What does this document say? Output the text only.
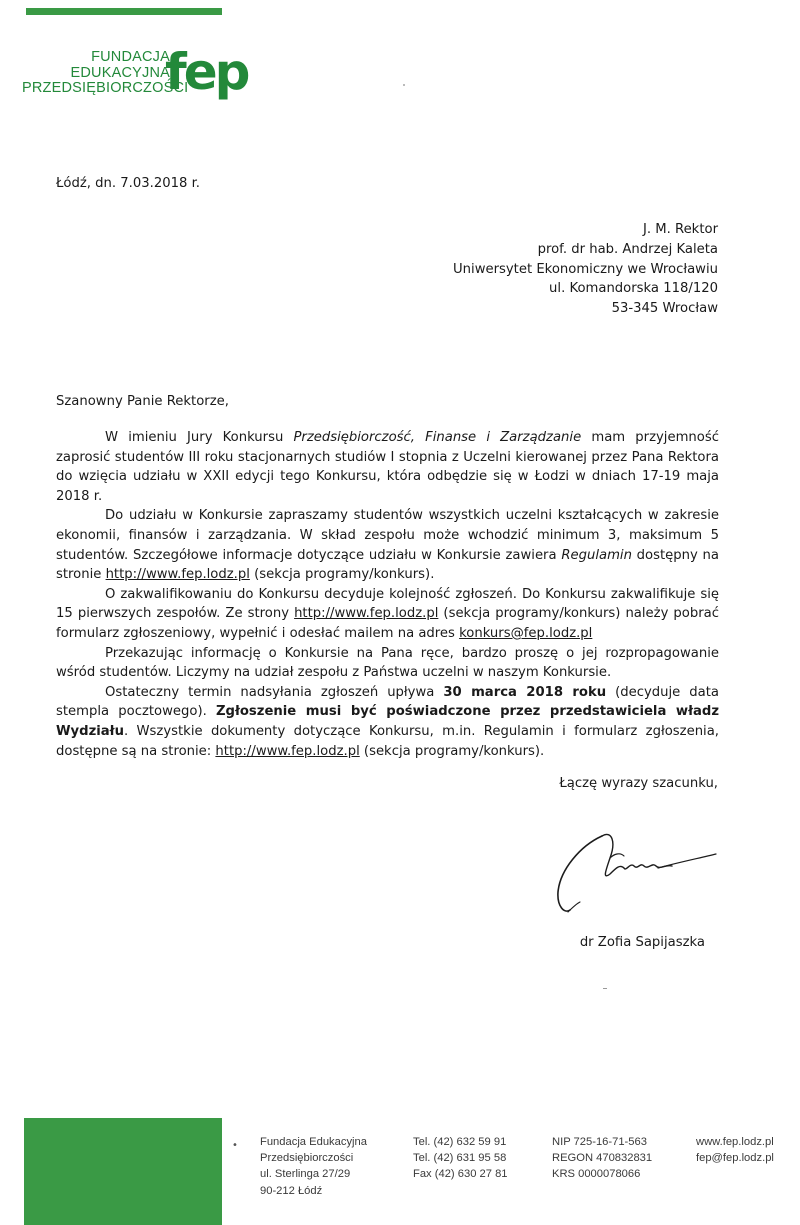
FUNDACJA
EDUKACYJNA
PRZEDSIĘBIORCZOŚCI
fep
Łódź, dn. 7.03.2018 r.
J. M. Rektor
prof. dr hab. Andrzej Kaleta
Uniwersytet Ekonomiczny we Wrocławiu
ul. Komandorska 118/120
53-345 Wrocław
Szanowny Panie Rektorze,

W imieniu Jury Konkursu Przedsiębiorczość, Finanse i Zarządzanie mam przyjemność zaprosić studentów III roku stacjonarnych studiów I stopnia z Uczelni kierowanej przez Pana Rektora do wzięcia udziału w XXII edycji tego Konkursu, która odbędzie się w Łodzi w dniach 17-19 maja 2018 r.

Do udziału w Konkursie zapraszamy studentów wszystkich uczelni kształcących w zakresie ekonomii, finansów i zarządzania. W skład zespołu może wchodzić minimum 3, maksimum 5 studentów. Szczegółowe informacje dotyczące udziału w Konkursie zawiera Regulamin dostępny na stronie http://www.fep.lodz.pl (sekcja programy/konkurs).

O zakwalifikowaniu do Konkursu decyduje kolejność zgłoszeń. Do Konkursu zakwalifikuje się 15 pierwszych zespołów. Ze strony http://www.fep.lodz.pl (sekcja programy/konkurs) należy pobrać formularz zgłoszeniowy, wypełnić i odesłać mailem na adres konkurs@fep.lodz.pl

Przekazując informację o Konkursie na Pana ręce, bardzo proszę o jej rozpropagowanie wśród studentów. Liczymy na udział zespołu z Państwa uczelni w naszym Konkursie.

Ostateczny termin nadsyłania zgłoszeń upływa 30 marca 2018 roku (decyduje data stempla pocztowego). Zgłoszenie musi być poświadczone przez przedstawiciela władz Wydziału. Wszystkie dokumenty dotyczące Konkursu, m.in. Regulamin i formularz zgłoszenia, dostępne są na stronie: http://www.fep.lodz.pl (sekcja programy/konkurs).

Łączę wyrazy szacunku,
dr Zofia Sapijaszka
• Fundacja Edukacyjna
Przedsiębiorczości
ul. Sterlinga 27/29
90-212 Łódź
Tel. (42) 632 59 91
Tel. (42) 631 95 58
Fax (42) 630 27 81
NIP 725-16-71-563
REGON 470832831
KRS 0000078066
www.fep.lodz.pl
fep@fep.lodz.pl
